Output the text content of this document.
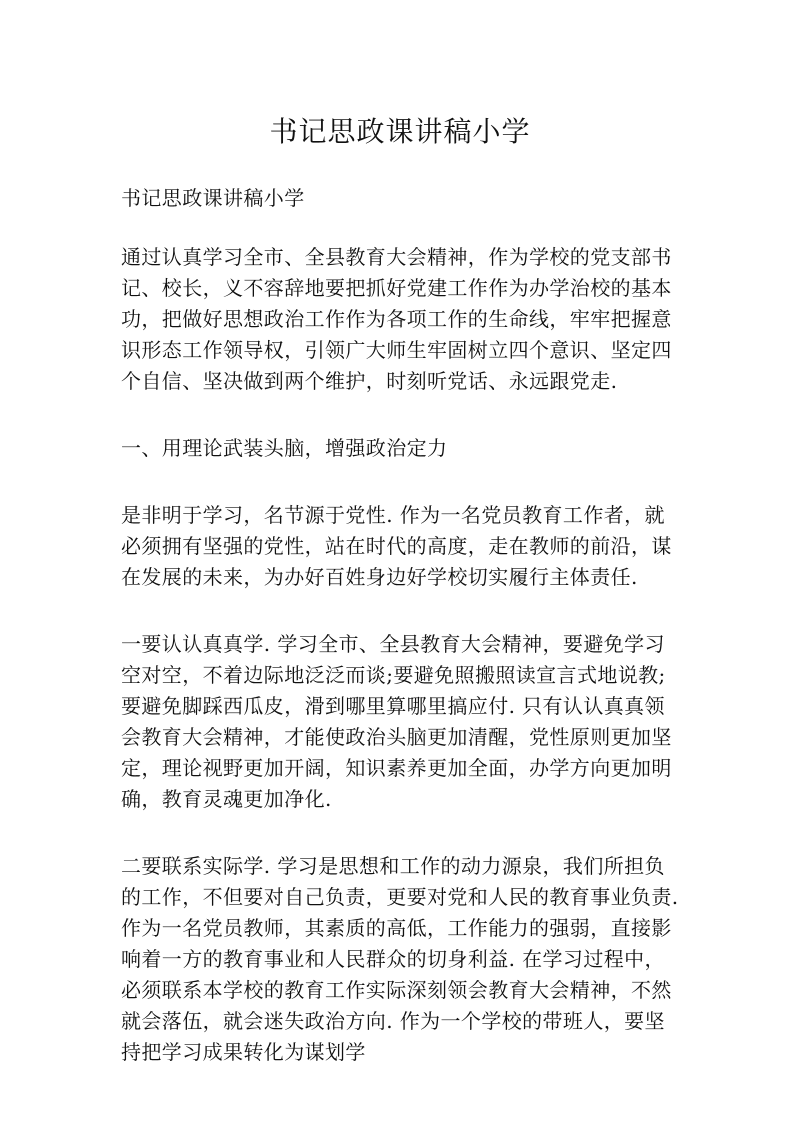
书记思政课讲稿小学

书记思政课讲稿小学

通过认真学习全市、全县教育大会精神，作为学校的党支部书记、校长，义不容辞地要把抓好党建工作作为办学治校的基本功，把做好思想政治工作作为各项工作的生命线，牢牢把握意识形态工作领导权，引领广大师生牢固树立四个意识、坚定四个自信、坚决做到两个维护，时刻听党话、永远跟党走.

一、用理论武装头脑，增强政治定力

是非明于学习，名节源于党性. 作为一名党员教育工作者，就必须拥有坚强的党性，站在时代的高度，走在教师的前沿，谋在发展的未来，为办好百姓身边好学校切实履行主体责任.

一要认认真真学. 学习全市、全县教育大会精神，要避免学习空对空，不着边际地泛泛而谈;要避免照搬照读宣言式地说教;要避免脚踩西瓜皮，滑到哪里算哪里搞应付. 只有认认真真领会教育大会精神，才能使政治头脑更加清醒，党性原则更加坚定，理论视野更加开阔，知识素养更加全面，办学方向更加明确，教育灵魂更加净化.

二要联系实际学. 学习是思想和工作的动力源泉，我们所担负的工作，不但要对自己负责，更要对党和人民的教育事业负责. 作为一名党员教师，其素质的高低，工作能力的强弱，直接影响着一方的教育事业和人民群众的切身利益. 在学习过程中，必须联系本学校的教育工作实际深刻领会教育大会精神，不然就会落伍，就会迷失政治方向. 作为一个学校的带班人，要坚持把学习成果转化为谋划学
